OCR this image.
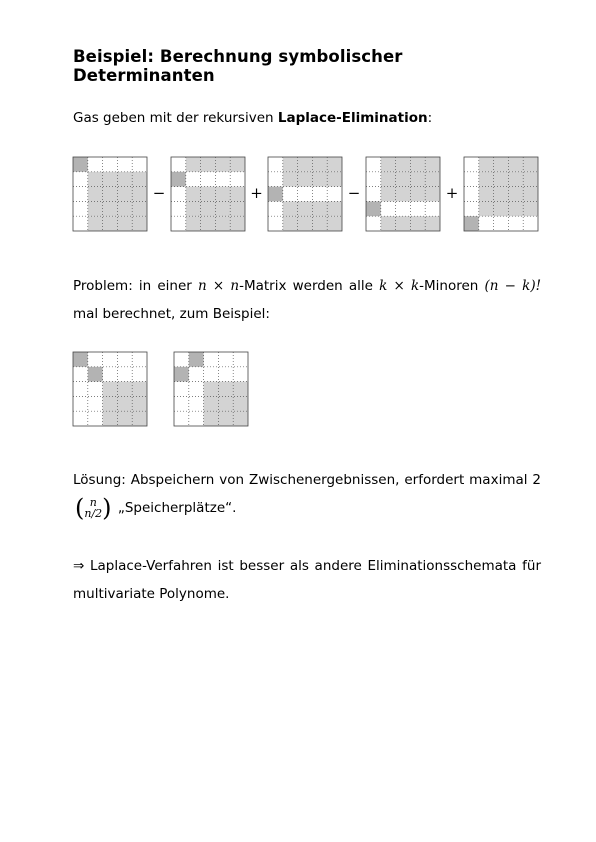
Beispiel: Berechnung symbolischer Determinanten

Gas geben mit der rekursiven Laplace-Elimination:

−	+	−	+

Problem: in einer n × n-Matrix werden alle k × k-Minoren (n − k)! mal berechnet, zum Beispiel:

Lösung: Abspeichern von Zwischenergebnissen, erfordert maximal 2
( n
n/2 ) „Speicherplätze“.

⇒ Laplace-Verfahren ist besser als andere Eliminationsschemata für multivariate Polynome.
